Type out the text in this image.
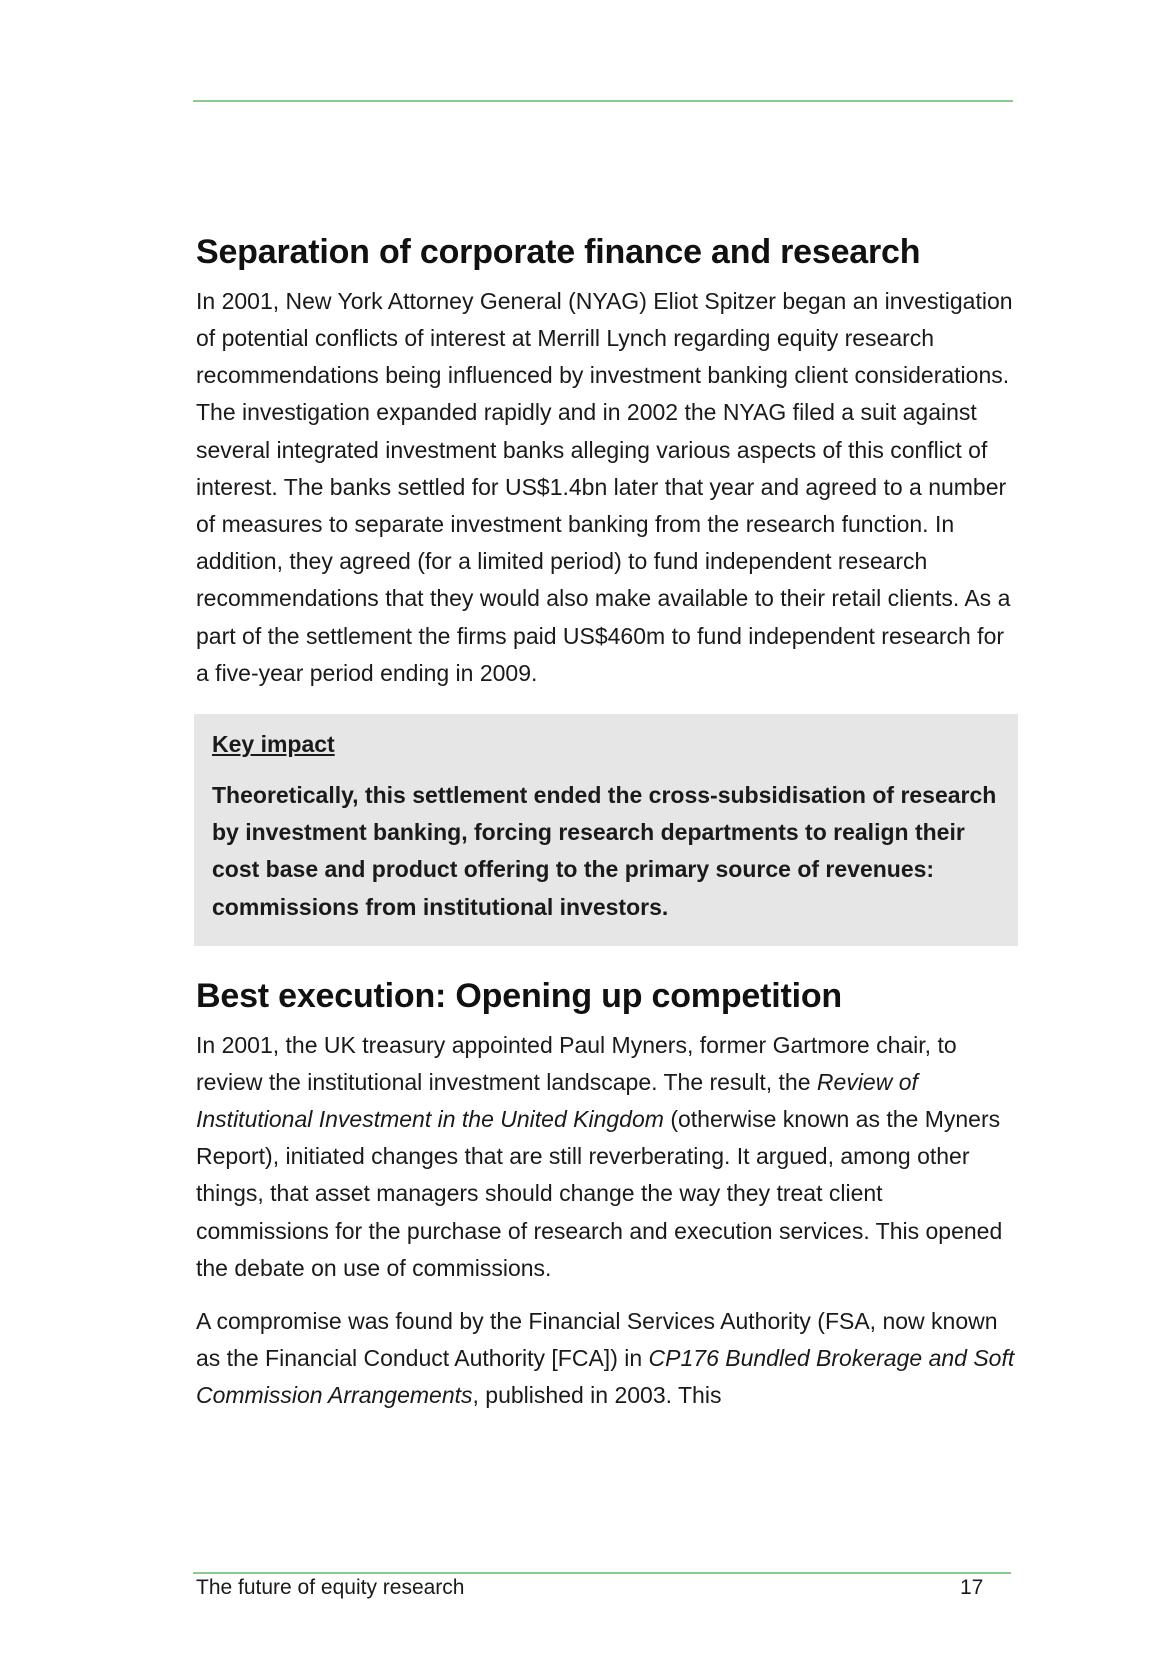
Separation of corporate finance and research

In 2001, New York Attorney General (NYAG) Eliot Spitzer began an investigation of potential conflicts of interest at Merrill Lynch regarding equity research recommendations being influenced by investment banking client considerations. The investigation expanded rapidly and in 2002 the NYAG filed a suit against several integrated investment banks alleging various aspects of this conflict of interest. The banks settled for US$1.4bn later that year and agreed to a number of measures to separate investment banking from the research function. In addition, they agreed (for a limited period) to fund independent research recommendations that they would also make available to their retail clients. As a part of the settlement the firms paid US$460m to fund independent research for a five-year period ending in 2009.

Key impact

Theoretically, this settlement ended the cross-subsidisation of research by investment banking, forcing research departments to realign their cost base and product offering to the primary source of revenues: commissions from institutional investors.

Best execution: Opening up competition

In 2001, the UK treasury appointed Paul Myners, former Gartmore chair, to review the institutional investment landscape. The result, the Review of Institutional Investment in the United Kingdom (otherwise known as the Myners Report), initiated changes that are still reverberating. It argued, among other things, that asset managers should change the way they treat client commissions for the purchase of research and execution services. This opened the debate on use of commissions.

A compromise was found by the Financial Services Authority (FSA, now known as the Financial Conduct Authority [FCA]) in CP176 Bundled Brokerage and Soft Commission Arrangements, published in 2003. This

The future of equity research	17
